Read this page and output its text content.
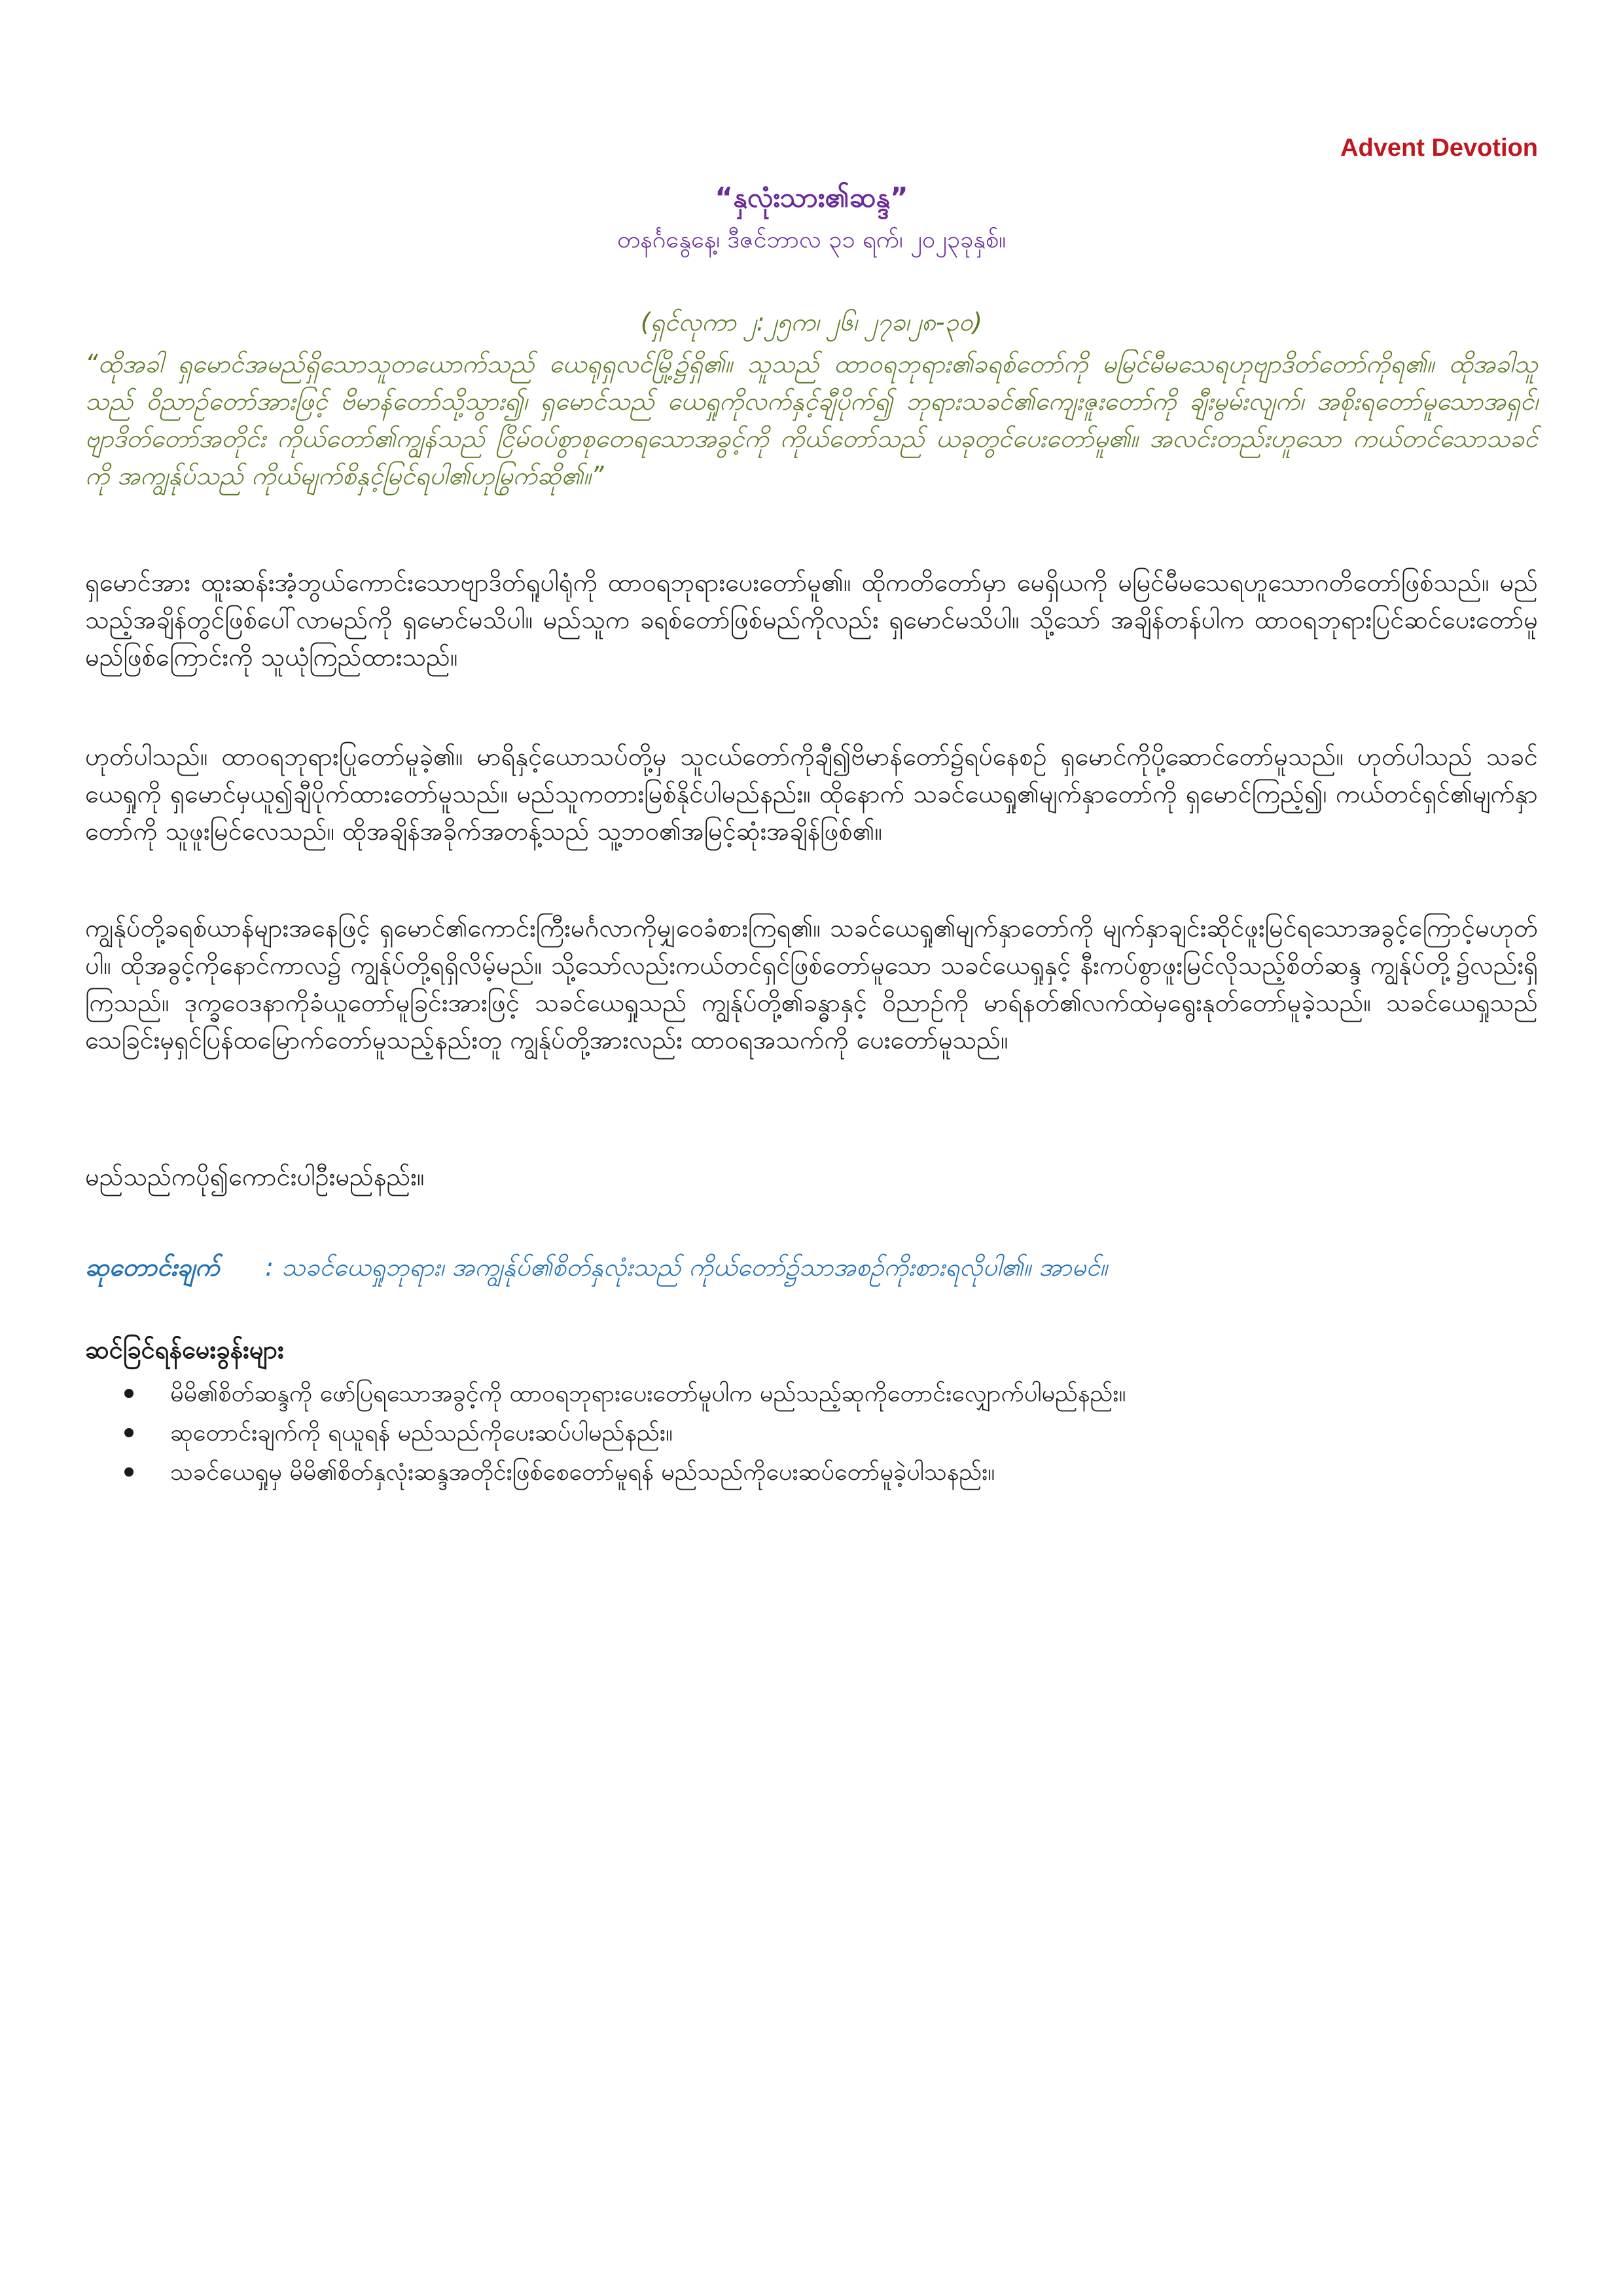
Advent Devotion
“နှလုံးသား၏ဆန္ဒ”
တနင်္ဂနွေနေ့၊ ဒီဇင်ဘာလ ၃၁ ရက်၊ ၂၀၂၃ခုနှစ်။
(ရှင်လုကာ ၂:၂၅က၊ ၂၆၊ ၂၇ခ၊၂၈-၃၀)
“ထိုအခါ ရှမောင်အမည်ရှိသောသူတယောက်သည် ယေရုရှလင်မြို့၌ရှိ၏။ သူသည် ထာဝရဘုရား၏ခရစ်တော်ကို မမြင်မီမသေရဟုဗျာဒိတ်တော်ကိုရ၏။ ထိုအခါသူသည် ဝိညာဉ်တော်အားဖြင့် ဗိမာန်တော်သို့သွား၍၊ ရှမောင်သည် ယေရှုကိုလက်နှင့်ချီပိုက်၍ ဘုရားသခင်၏ကျေးဇူးတော်ကို ချီးမွမ်းလျက်၊ အစိုးရတော်မူသောအရှင်၊ ဗျာဒိတ်တော်အတိုင်း ကိုယ်တော်၏ကျွန်သည် ငြိမ်ဝပ်စွာစုတေရသောအခွင့်ကို ကိုယ်တော်သည် ယခုတွင်ပေးတော်မူ၏။ အလင်းတည်းဟူသော ကယ်တင်သောသခင်ကို အကျွန်ုပ်သည် ကိုယ်မျက်စိနှင့်မြင်ရပါ၏ဟုမြွက်ဆို၏။”
ရှမောင်အား ထူးဆန်းအံ့ဘွယ်ကောင်းသောဗျာဒိတ်ရူပါရုံကို ထာဝရဘုရားပေးတော်မူ၏။ ထိုကတိတော်မှာ မေရှိယကို မမြင်မီမသေရဟူသောဂတိတော်ဖြစ်သည်။ မည်သည့်အချိန်တွင်ဖြစ်ပေါ်လာမည်ကို ရှမောင်မသိပါ။ မည်သူက ခရစ်တော်ဖြစ်မည်ကိုလည်း ရှမောင်မသိပါ။ သို့သော် အချိန်တန်ပါက ထာဝရဘုရားပြင်ဆင်ပေးတော်မူမည်ဖြစ်ကြောင်းကို သူယုံကြည်ထားသည်။
ဟုတ်ပါသည်။ ထာဝရဘုရားပြုတော်မူခဲ့၏။ မာရိနှင့်ယောသပ်တို့မှ သူငယ်တော်ကိုချီ၍ဗိမာန်တော်၌ရပ်နေစဉ် ရှမောင်ကိုပို့ဆောင်တော်မူသည်။ ဟုတ်ပါသည် သခင်ယေရှုကို ရှမောင်မှယူ၍ချီပိုက်ထားတော်မူသည်။ မည်သူကတားမြစ်နိုင်ပါမည်နည်း။ ထိုနောက် သခင်ယေရှု၏မျက်နှာတော်ကို ရှမောင်ကြည့်၍၊ ကယ်တင်ရှင်၏မျက်နှာတော်ကို သူဖူးမြင်လေသည်။ ထိုအချိန်အခိုက်အတန့်သည် သူ့ဘဝ၏အမြင့်ဆုံးအချိန်ဖြစ်၏။
ကျွန်ုပ်တို့ခရစ်ယာန်များအနေဖြင့် ရှမောင်၏ကောင်းကြီးမင်္ဂလာကိုမျှဝေခံစားကြရ၏။ သခင်ယေရှု၏မျက်နှာတော်ကို မျက်နှာချင်းဆိုင်ဖူးမြင်ရသောအခွင့်ကြောင့်မဟုတ်ပါ။ ထိုအခွင့်ကိုနောင်ကာလ၌ ကျွန်ုပ်တို့ရရှိလိမ့်မည်။ သို့သော်လည်းကယ်တင်ရှင်ဖြစ်တော်မူသော သခင်ယေရှုနှင့် နီးကပ်စွာဖူးမြင်လိုသည့်စိတ်ဆန္ဒ ကျွန်ုပ်တို့၌လည်းရှိကြသည်။ ဒုက္ခဝေဒနာကိုခံယူတော်မူခြင်းအားဖြင့် သခင်ယေရှုသည် ကျွန်ုပ်တို့၏ခန္ဓာနှင့် ဝိညာဉ်ကို မာရ်နတ်၏လက်ထဲမှရွေးနုတ်တော်မူခဲ့သည်။ သခင်ယေရှုသည် သေခြင်းမှရှင်ပြန်ထမြောက်တော်မူသည့်နည်းတူ ကျွန်ုပ်တို့အားလည်း ထာဝရအသက်ကို ပေးတော်မူသည်။
မည်သည်ကပို၍ကောင်းပါဦးမည်နည်း။
ဆုတောင်းချက် : သခင်ယေရှုဘုရား၊ အကျွန်ုပ်၏စိတ်နှလုံးသည် ကိုယ်တော်၌သာအစဉ်ကိုးစားရလိုပါ၏။ အာမင်။
ဆင်ခြင်ရန်မေးခွန်းများ
မိမိ၏စိတ်ဆန္ဒကို ဖော်ပြရသောအခွင့်ကို ထာဝရဘုရားပေးတော်မူပါက မည်သည့်ဆုကိုတောင်းလျှောက်ပါမည်နည်း။
ဆုတောင်းချက်ကို ရယူရန် မည်သည်ကိုပေးဆပ်ပါမည်နည်း။
သခင်ယေရှုမှ မိမိ၏စိတ်နှလုံးဆန္ဒအတိုင်းဖြစ်စေတော်မူရန် မည်သည်ကိုပေးဆပ်တော်မူခဲ့ပါသနည်း။
